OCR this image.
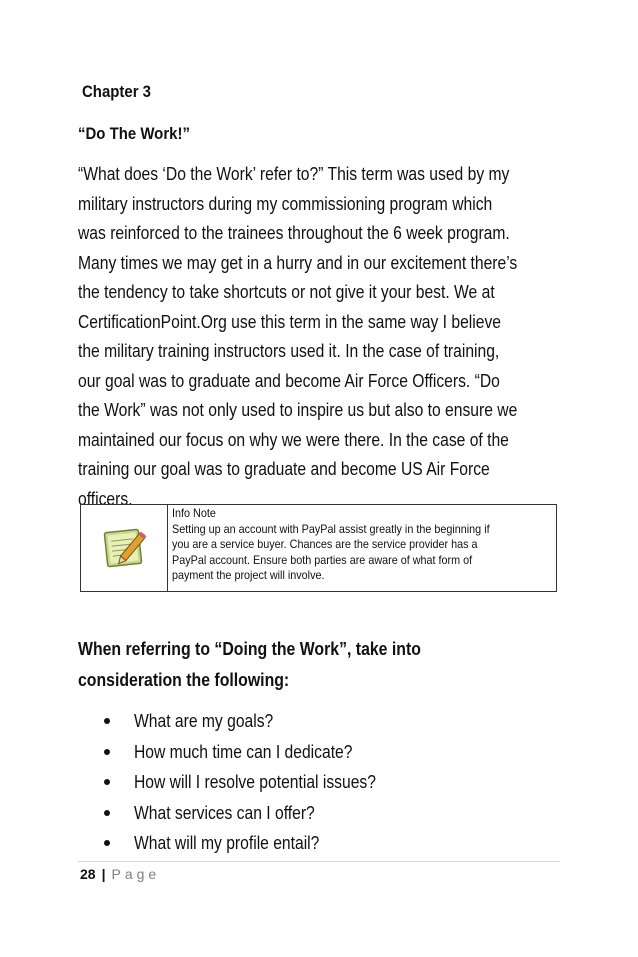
Chapter 3
“Do The Work!”
“What does ‘Do the Work’ refer to?” This term was used by my
military instructors during my commissioning program which
was reinforced to the trainees throughout the 6 week program.
Many times we may get in a hurry and in our excitement there’s
the tendency to take shortcuts or not give it your best. We at
CertificationPoint.Org use this term in the same way I believe
the military training instructors used it. In the case of training,
our goal was to graduate and become Air Force Officers. “Do
the Work” was not only used to inspire us but also to ensure we
maintained our focus on why we were there. In the case of the
training our goal was to graduate and become US Air Force
officers.
Info Note
Setting up an account with PayPal assist greatly in the beginning if
you are a service buyer. Chances are the service provider has a
PayPal account. Ensure both parties are aware of what form of
payment the project will involve.
When referring to “Doing the Work”, take into
consideration the following:
What are my goals?
How much time can I dedicate?
How will I resolve potential issues?
What services can I offer?
What will my profile entail?
28 | Page
